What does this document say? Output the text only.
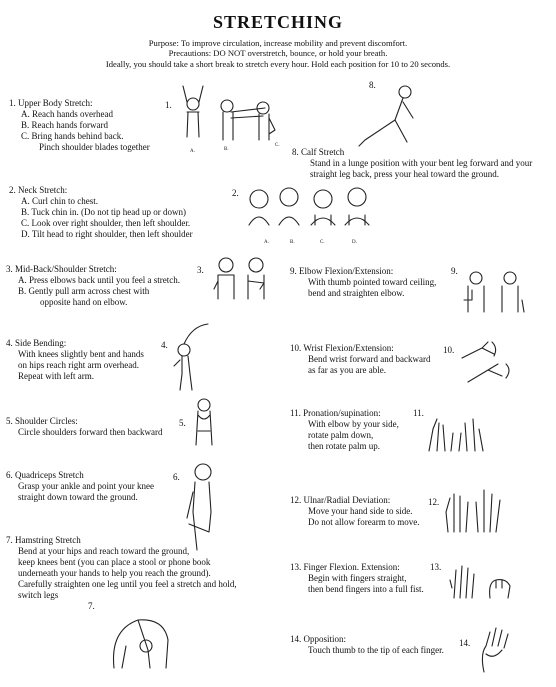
STRETCHING
Purpose: To improve circulation, increase mobility and prevent discomfort.
Precautions: DO NOT overstretch, bounce, or hold your breath.
Ideally, you should take a short break to stretch every hour. Hold each position for 10 to 20 seconds.
1. Upper Body Stretch:
A. Reach hands overhead
B. Reach hands forward
C. Bring hands behind back.
Pinch shoulder blades together
1.
A.	B.
C.
2. Neck Stretch:
A. Curl chin to chest.
B. Tuck chin in. (Do not tip head up or down)
C. Look over right shoulder, then left shoulder.
D. Tilt head to right shoulder, then left shoulder
2.
A.	B.	C.	D.
3. Mid-Back/Shoulder Stretch:
A. Press elbows back until you feel a stretch.
B. Gently pull arm across chest with
opposite hand on elbow.
3.
4. Side Bending:
With knees slightly bent and hands
on hips reach right arm overhead.
Repeat with left arm.
4.
5. Shoulder Circles:
Circle shoulders forward then backward
5.
6. Quadriceps Stretch
Grasp your ankle and point your knee
straight down toward the ground.
6.
7. Hamstring Stretch
Bend at your hips and reach toward the ground,
keep knees bent (you can place a stool or phone book
underneath your hands to help you reach the ground).
Carefully straighten one leg until you feel a stretch and hold,
switch legs
7.
8.
8. Calf Stretch
Stand in a lunge position with your bent leg forward and your
straight leg back, press your heal toward the ground.
9. Elbow Flexion/Extension:
With thumb pointed toward ceiling,
bend and straighten elbow.
9.
10. Wrist Flexion/Extension:
Bend wrist forward and backward
as far as you are able.
10.
11. Pronation/supination:
With elbow by your side,
rotate palm down,
then rotate palm up.
11.
12. Ulnar/Radial Deviation:
Move your hand side to side.
Do not allow forearm to move.
12.
13. Finger Flexion. Extension:
Begin with fingers straight,
then bend fingers into a full fist.
13.
14. Opposition:
Touch thumb to the tip of each finger.
14.
